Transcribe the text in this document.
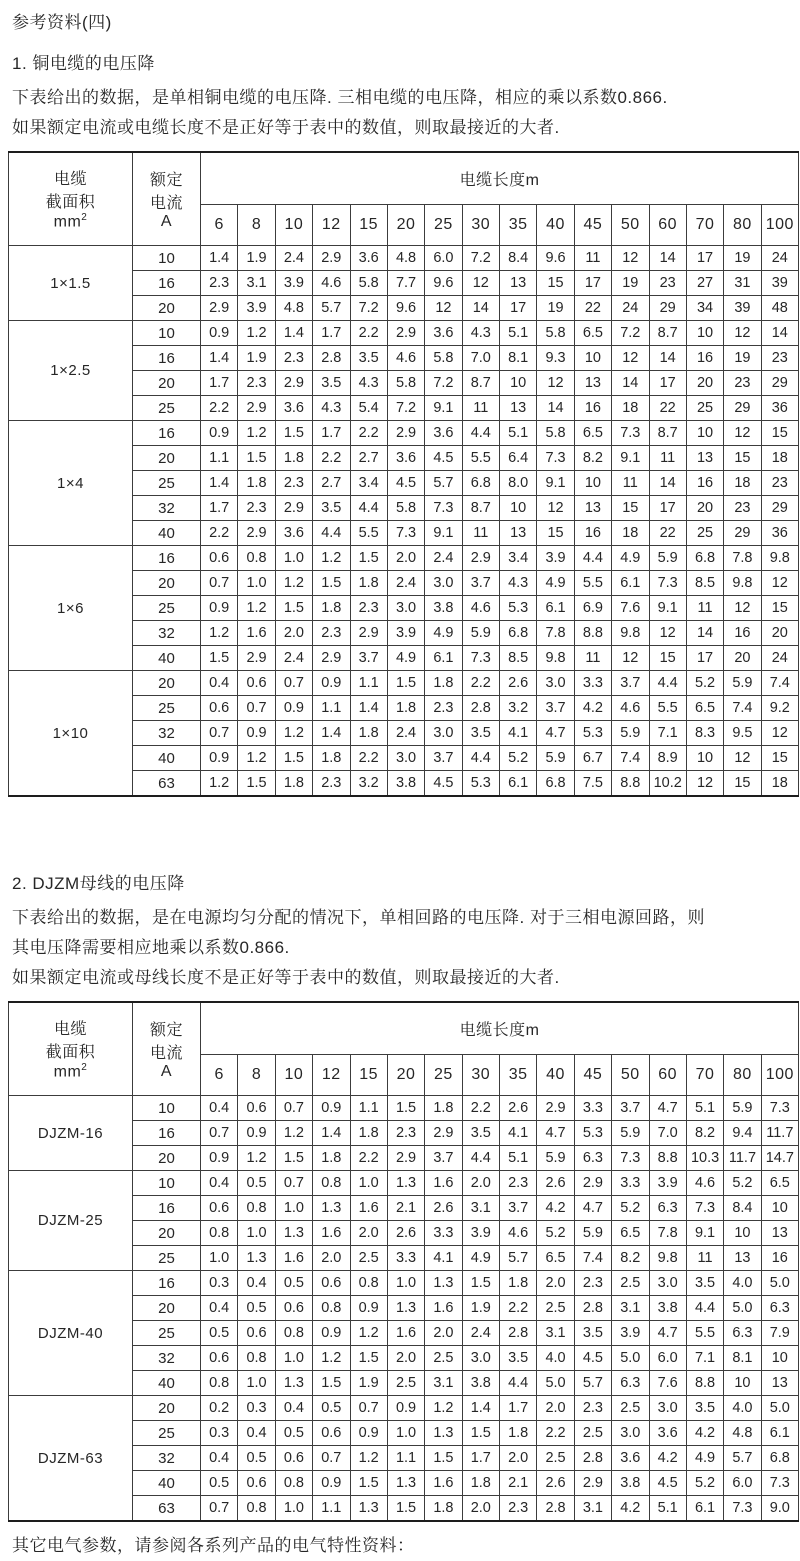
参考资料(四)
1. 铜电缆的电压降
下表给出的数据，是单相铜电缆的电压降. 三相电缆的电压降，相应的乘以系数0.866.
如果额定电流或电缆长度不是正好等于表中的数值，则取最接近的大者.
电缆
截面积
$mm^2$	额定
电流
A	电缆长度m															
		6	8	10	12	15	20	25	30	35	40	45	50	60	70	80	100
1×1.5	10	1.4	1.9	2.4	2.9	3.6	4.8	6.0	7.2	8.4	9.6	11	12	14	17	19	24
	16	2.3	3.1	3.9	4.6	5.8	7.7	9.6	12	13	15	17	19	23	27	31	39
	20	2.9	3.9	4.8	5.7	7.2	9.6	12	14	17	19	22	24	29	34	39	48
1×2.5	10	0.9	1.2	1.4	1.7	2.2	2.9	3.6	4.3	5.1	5.8	6.5	7.2	8.7	10	12	14
	16	1.4	1.9	2.3	2.8	3.5	4.6	5.8	7.0	8.1	9.3	10	12	14	16	19	23
	20	1.7	2.3	2.9	3.5	4.3	5.8	7.2	8.7	10	12	13	14	17	20	23	29
	25	2.2	2.9	3.6	4.3	5.4	7.2	9.1	11	13	14	16	18	22	25	29	36
1×4	16	0.9	1.2	1.5	1.7	2.2	2.9	3.6	4.4	5.1	5.8	6.5	7.3	8.7	10	12	15
	20	1.1	1.5	1.8	2.2	2.7	3.6	4.5	5.5	6.4	7.3	8.2	9.1	11	13	15	18
	25	1.4	1.8	2.3	2.7	3.4	4.5	5.7	6.8	8.0	9.1	10	11	14	16	18	23
	32	1.7	2.3	2.9	3.5	4.4	5.8	7.3	8.7	10	12	13	15	17	20	23	29
	40	2.2	2.9	3.6	4.4	5.5	7.3	9.1	11	13	15	16	18	22	25	29	36
1×6	16	0.6	0.8	1.0	1.2	1.5	2.0	2.4	2.9	3.4	3.9	4.4	4.9	5.9	6.8	7.8	9.8
	20	0.7	1.0	1.2	1.5	1.8	2.4	3.0	3.7	4.3	4.9	5.5	6.1	7.3	8.5	9.8	12
	25	0.9	1.2	1.5	1.8	2.3	3.0	3.8	4.6	5.3	6.1	6.9	7.6	9.1	11	12	15
	32	1.2	1.6	2.0	2.3	2.9	3.9	4.9	5.9	6.8	7.8	8.8	9.8	12	14	16	20
	40	1.5	2.9	2.4	2.9	3.7	4.9	6.1	7.3	8.5	9.8	11	12	15	17	20	24
1×10	20	0.4	0.6	0.7	0.9	1.1	1.5	1.8	2.2	2.6	3.0	3.3	3.7	4.4	5.2	5.9	7.4
	25	0.6	0.7	0.9	1.1	1.4	1.8	2.3	2.8	3.2	3.7	4.2	4.6	5.5	6.5	7.4	9.2
	32	0.7	0.9	1.2	1.4	1.8	2.4	3.0	3.5	4.1	4.7	5.3	5.9	7.1	8.3	9.5	12
	40	0.9	1.2	1.5	1.8	2.2	3.0	3.7	4.4	5.2	5.9	6.7	7.4	8.9	10	12	15
	63	1.2	1.5	1.8	2.3	3.2	3.8	4.5	5.3	6.1	6.8	7.5	8.8	10.2	12	15	18
2. DJZM母线的电压降
下表给出的数据，是在电源均匀分配的情况下，单相回路的电压降. 对于三相电源回路，则
其电压降需要相应地乘以系数0.866.
如果额定电流或母线长度不是正好等于表中的数值，则取最接近的大者.
电缆
截面积
$mm^2$	额定
电流
A	电缆长度m															
		6	8	10	12	15	20	25	30	35	40	45	50	60	70	80	100
DJZM-16	10	0.4	0.6	0.7	0.9	1.1	1.5	1.8	2.2	2.6	2.9	3.3	3.7	4.7	5.1	5.9	7.3
	16	0.7	0.9	1.2	1.4	1.8	2.3	2.9	3.5	4.1	4.7	5.3	5.9	7.0	8.2	9.4	11.7
	20	0.9	1.2	1.5	1.8	2.2	2.9	3.7	4.4	5.1	5.9	6.3	7.3	8.8	10.3	11.7	14.7
DJZM-25	10	0.4	0.5	0.7	0.8	1.0	1.3	1.6	2.0	2.3	2.6	2.9	3.3	3.9	4.6	5.2	6.5
	16	0.6	0.8	1.0	1.3	1.6	2.1	2.6	3.1	3.7	4.2	4.7	5.2	6.3	7.3	8.4	10
	20	0.8	1.0	1.3	1.6	2.0	2.6	3.3	3.9	4.6	5.2	5.9	6.5	7.8	9.1	10	13
	25	1.0	1.3	1.6	2.0	2.5	3.3	4.1	4.9	5.7	6.5	7.4	8.2	9.8	11	13	16
DJZM-40	16	0.3	0.4	0.5	0.6	0.8	1.0	1.3	1.5	1.8	2.0	2.3	2.5	3.0	3.5	4.0	5.0
	20	0.4	0.5	0.6	0.8	0.9	1.3	1.6	1.9	2.2	2.5	2.8	3.1	3.8	4.4	5.0	6.3
	25	0.5	0.6	0.8	0.9	1.2	1.6	2.0	2.4	2.8	3.1	3.5	3.9	4.7	5.5	6.3	7.9
	32	0.6	0.8	1.0	1.2	1.5	2.0	2.5	3.0	3.5	4.0	4.5	5.0	6.0	7.1	8.1	10
	40	0.8	1.0	1.3	1.5	1.9	2.5	3.1	3.8	4.4	5.0	5.7	6.3	7.6	8.8	10	13
DJZM-63	20	0.2	0.3	0.4	0.5	0.7	0.9	1.2	1.4	1.7	2.0	2.3	2.5	3.0	3.5	4.0	5.0
	25	0.3	0.4	0.5	0.6	0.9	1.0	1.3	1.5	1.8	2.2	2.5	3.0	3.6	4.2	4.8	6.1
	32	0.4	0.5	0.6	0.7	1.2	1.1	1.5	1.7	2.0	2.5	2.8	3.6	4.2	4.9	5.7	6.8
	40	0.5	0.6	0.8	0.9	1.5	1.3	1.6	1.8	2.1	2.6	2.9	3.8	4.5	5.2	6.0	7.3
	63	0.7	0.8	1.0	1.1	1.3	1.5	1.8	2.0	2.3	2.8	3.1	4.2	5.1	6.1	7.3	9.0
其它电气参数，请参阅各系列产品的电气特性资料：
